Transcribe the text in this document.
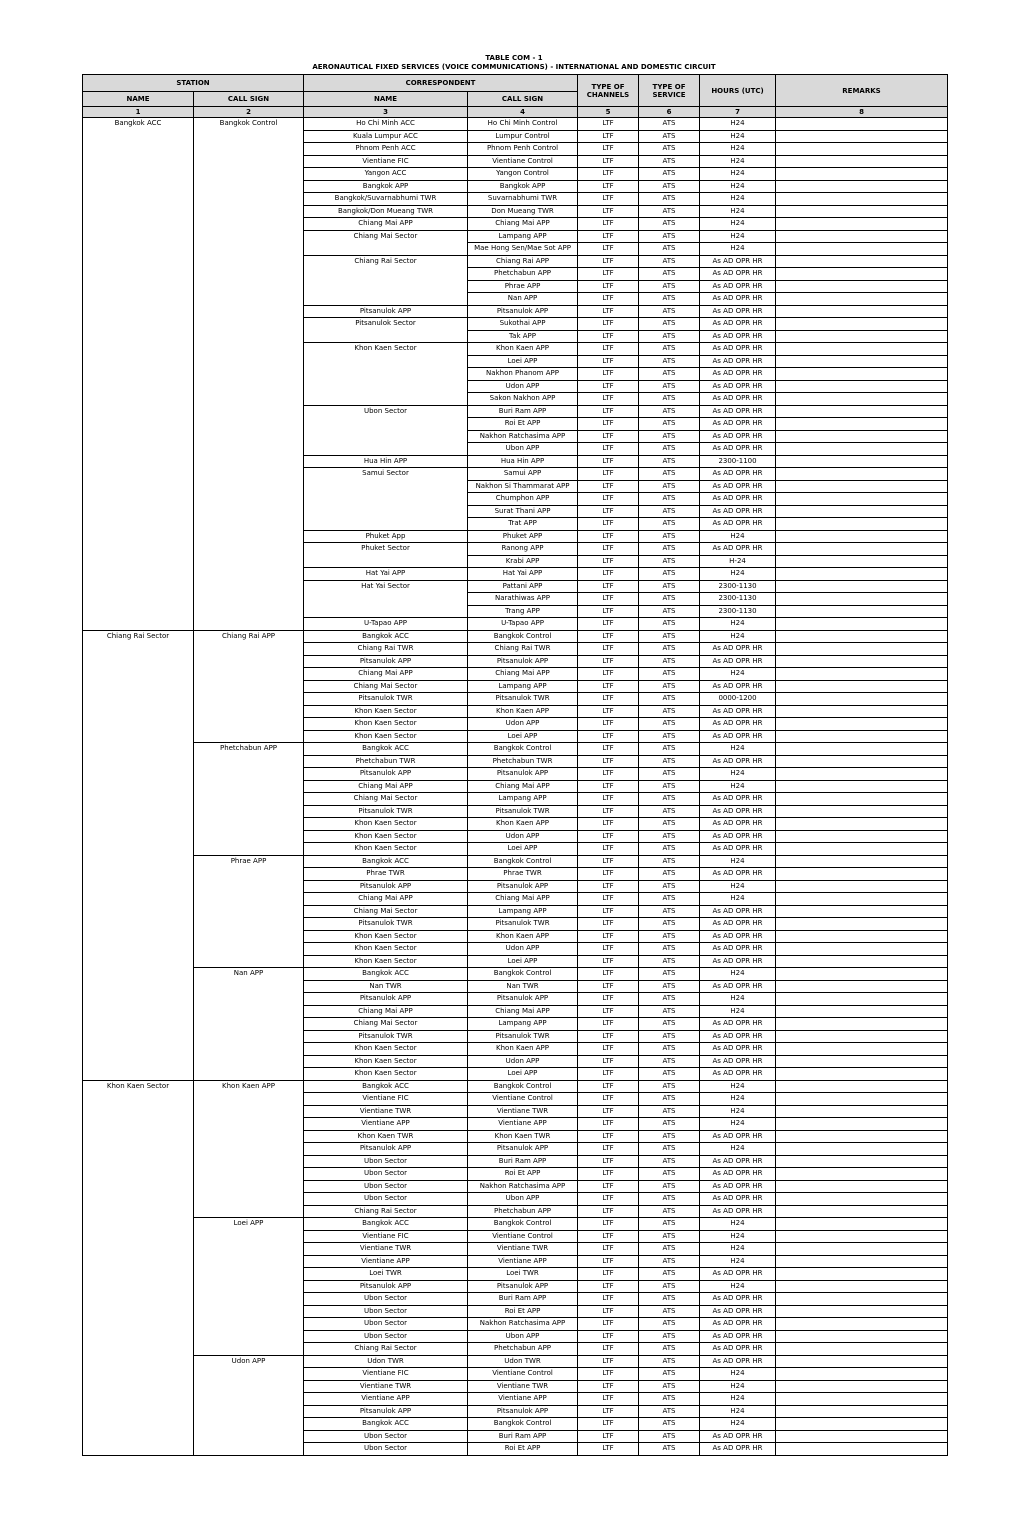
TABLE COM - 1
AERONAUTICAL FIXED SERVICES (VOICE COMMUNICATIONS) - INTERNATIONAL AND DOMESTIC CIRCUIT
STATION		CORRESPONDENT		TYPE OF CHANNELS	TYPE OF SERVICE	HOURS (UTC)	REMARKS
NAME	CALL SIGN	NAME	CALL SIGN				
1	2	3	4	5	6	7	8
Bangkok ACC	Bangkok Control	Ho Chi Minh ACC	Ho Chi Minh Control	LTF	ATS	H24	
		Kuala Lumpur ACC	Lumpur Control	LTF	ATS	H24	
		Phnom Penh ACC	Phnom Penh Control	LTF	ATS	H24	
		Vientiane FIC	Vientiane Control	LTF	ATS	H24	
		Yangon ACC	Yangon Control	LTF	ATS	H24	
		Bangkok APP	Bangkok APP	LTF	ATS	H24	
		Bangkok/Suvarnabhumi TWR	Suvarnabhumi TWR	LTF	ATS	H24	
		Bangkok/Don Mueang TWR	Don Mueang TWR	LTF	ATS	H24	
		Chiang Mai APP	Chiang Mai APP	LTF	ATS	H24	
		Chiang Mai Sector	Lampang APP	LTF	ATS	H24	
			Mae Hong Sen/Mae Sot APP	LTF	ATS	H24	
		Chiang Rai Sector	Chiang Rai APP	LTF	ATS	As AD OPR HR	
			Phetchabun APP	LTF	ATS	As AD OPR HR	
			Phrae APP	LTF	ATS	As AD OPR HR	
			Nan APP	LTF	ATS	As AD OPR HR	
		Pitsanulok APP	Pitsanulok APP	LTF	ATS	As AD OPR HR	
		Pitsanulok Sector	Sukothai APP	LTF	ATS	As AD OPR HR	
			Tak APP	LTF	ATS	As AD OPR HR	
		Khon Kaen Sector	Khon Kaen APP	LTF	ATS	As AD OPR HR	
			Loei APP	LTF	ATS	As AD OPR HR	
			Nakhon Phanom APP	LTF	ATS	As AD OPR HR	
			Udon APP	LTF	ATS	As AD OPR HR	
			Sakon Nakhon APP	LTF	ATS	As AD OPR HR	
		Ubon Sector	Buri Ram APP	LTF	ATS	As AD OPR HR	
			Roi Et APP	LTF	ATS	As AD OPR HR	
			Nakhon Ratchasima APP	LTF	ATS	As AD OPR HR	
			Ubon APP	LTF	ATS	As AD OPR HR	
		Hua Hin APP	Hua Hin APP	LTF	ATS	2300-1100	
		Samui Sector	Samui APP	LTF	ATS	As AD OPR HR	
			Nakhon Si Thammarat APP	LTF	ATS	As AD OPR HR	
			Chumphon APP	LTF	ATS	As AD OPR HR	
			Surat Thani APP	LTF	ATS	As AD OPR HR	
			Trat APP	LTF	ATS	As AD OPR HR	
		Phuket App	Phuket APP	LTF	ATS	H24	
		Phuket Sector	Ranong APP	LTF	ATS	As AD OPR HR	
			Krabi APP	LTF	ATS	H-24	
		Hat Yai APP	Hat Yai APP	LTF	ATS	H24	
		Hat Yai Sector	Pattani APP	LTF	ATS	2300-1130	
			Narathiwas APP	LTF	ATS	2300-1130	
			Trang APP	LTF	ATS	2300-1130	
		U-Tapao APP	U-Tapao APP	LTF	ATS	H24	
Chiang Rai Sector	Chiang Rai APP	Bangkok ACC	Bangkok Control	LTF	ATS	H24	
		Chiang Rai TWR	Chiang Rai TWR	LTF	ATS	As AD OPR HR	
		Pitsanulok APP	Pitsanulok APP	LTF	ATS	As AD OPR HR	
		Chiang Mai APP	Chiang Mai APP	LTF	ATS	H24	
		Chiang Mai Sector	Lampang APP	LTF	ATS	As AD OPR HR	
		Pitsanulok TWR	Pitsanulok TWR	LTF	ATS	0000-1200	
		Khon Kaen Sector	Khon Kaen APP	LTF	ATS	As AD OPR HR	
		Khon Kaen Sector	Udon APP	LTF	ATS	As AD OPR HR	
		Khon Kaen Sector	Loei APP	LTF	ATS	As AD OPR HR	
	Phetchabun APP	Bangkok ACC	Bangkok Control	LTF	ATS	H24	
		Phetchabun TWR	Phetchabun TWR	LTF	ATS	As AD OPR HR	
		Pitsanulok APP	Pitsanulok APP	LTF	ATS	H24	
		Chiang Mai APP	Chiang Mai APP	LTF	ATS	H24	
		Chiang Mai Sector	Lampang APP	LTF	ATS	As AD OPR HR	
		Pitsanulok TWR	Pitsanulok TWR	LTF	ATS	As AD OPR HR	
		Khon Kaen Sector	Khon Kaen APP	LTF	ATS	As AD OPR HR	
		Khon Kaen Sector	Udon APP	LTF	ATS	As AD OPR HR	
		Khon Kaen Sector	Loei APP	LTF	ATS	As AD OPR HR	
	Phrae APP	Bangkok ACC	Bangkok Control	LTF	ATS	H24	
		Phrae TWR	Phrae TWR	LTF	ATS	As AD OPR HR	
		Pitsanulok APP	Pitsanulok APP	LTF	ATS	H24	
		Chiang Mai APP	Chiang Mai APP	LTF	ATS	H24	
		Chiang Mai Sector	Lampang APP	LTF	ATS	As AD OPR HR	
		Pitsanulok TWR	Pitsanulok TWR	LTF	ATS	As AD OPR HR	
		Khon Kaen Sector	Khon Kaen APP	LTF	ATS	As AD OPR HR	
		Khon Kaen Sector	Udon APP	LTF	ATS	As AD OPR HR	
		Khon Kaen Sector	Loei APP	LTF	ATS	As AD OPR HR	
	Nan APP	Bangkok ACC	Bangkok Control	LTF	ATS	H24	
		Nan TWR	Nan TWR	LTF	ATS	As AD OPR HR	
		Pitsanulok APP	Pitsanulok APP	LTF	ATS	H24	
		Chiang Mai APP	Chiang Mai APP	LTF	ATS	H24	
		Chiang Mai Sector	Lampang APP	LTF	ATS	As AD OPR HR	
		Pitsanulok TWR	Pitsanulok TWR	LTF	ATS	As AD OPR HR	
		Khon Kaen Sector	Khon Kaen APP	LTF	ATS	As AD OPR HR	
		Khon Kaen Sector	Udon APP	LTF	ATS	As AD OPR HR	
		Khon Kaen Sector	Loei APP	LTF	ATS	As AD OPR HR	
Khon Kaen Sector	Khon Kaen APP	Bangkok ACC	Bangkok Control	LTF	ATS	H24	
		Vientiane FIC	Vientiane Control	LTF	ATS	H24	
		Vientiane TWR	Vientiane TWR	LTF	ATS	H24	
		Vientiane APP	Vientiane APP	LTF	ATS	H24	
		Khon Kaen TWR	Khon Kaen TWR	LTF	ATS	As AD OPR HR	
		Pitsanulok APP	Pitsanulok APP	LTF	ATS	H24	
		Ubon Sector	Buri Ram APP	LTF	ATS	As AD OPR HR	
		Ubon Sector	Roi Et APP	LTF	ATS	As AD OPR HR	
		Ubon Sector	Nakhon Ratchasima APP	LTF	ATS	As AD OPR HR	
		Ubon Sector	Ubon APP	LTF	ATS	As AD OPR HR	
		Chiang Rai Sector	Phetchabun APP	LTF	ATS	As AD OPR HR	
	Loei APP	Bangkok ACC	Bangkok Control	LTF	ATS	H24	
		Vientiane FIC	Vientiane Control	LTF	ATS	H24	
		Vientiane TWR	Vientiane TWR	LTF	ATS	H24	
		Vientiane APP	Vientiane APP	LTF	ATS	H24	
		Loei TWR	Loei TWR	LTF	ATS	As AD OPR HR	
		Pitsanulok APP	Pitsanulok APP	LTF	ATS	H24	
		Ubon Sector	Buri Ram APP	LTF	ATS	As AD OPR HR	
		Ubon Sector	Roi Et APP	LTF	ATS	As AD OPR HR	
		Ubon Sector	Nakhon Ratchasima APP	LTF	ATS	As AD OPR HR	
		Ubon Sector	Ubon APP	LTF	ATS	As AD OPR HR	
		Chiang Rai Sector	Phetchabun APP	LTF	ATS	As AD OPR HR	
	Udon APP	Udon TWR	Udon TWR	LTF	ATS	As AD OPR HR	
		Vientiane FIC	Vientiane Control	LTF	ATS	H24	
		Vientiane TWR	Vientiane TWR	LTF	ATS	H24	
		Vientiane APP	Vientiane APP	LTF	ATS	H24	
		Pitsanulok APP	Pitsanulok APP	LTF	ATS	H24	
		Bangkok ACC	Bangkok Control	LTF	ATS	H24	
		Ubon Sector	Buri Ram APP	LTF	ATS	As AD OPR HR	
		Ubon Sector	Roi Et APP	LTF	ATS	As AD OPR HR	
